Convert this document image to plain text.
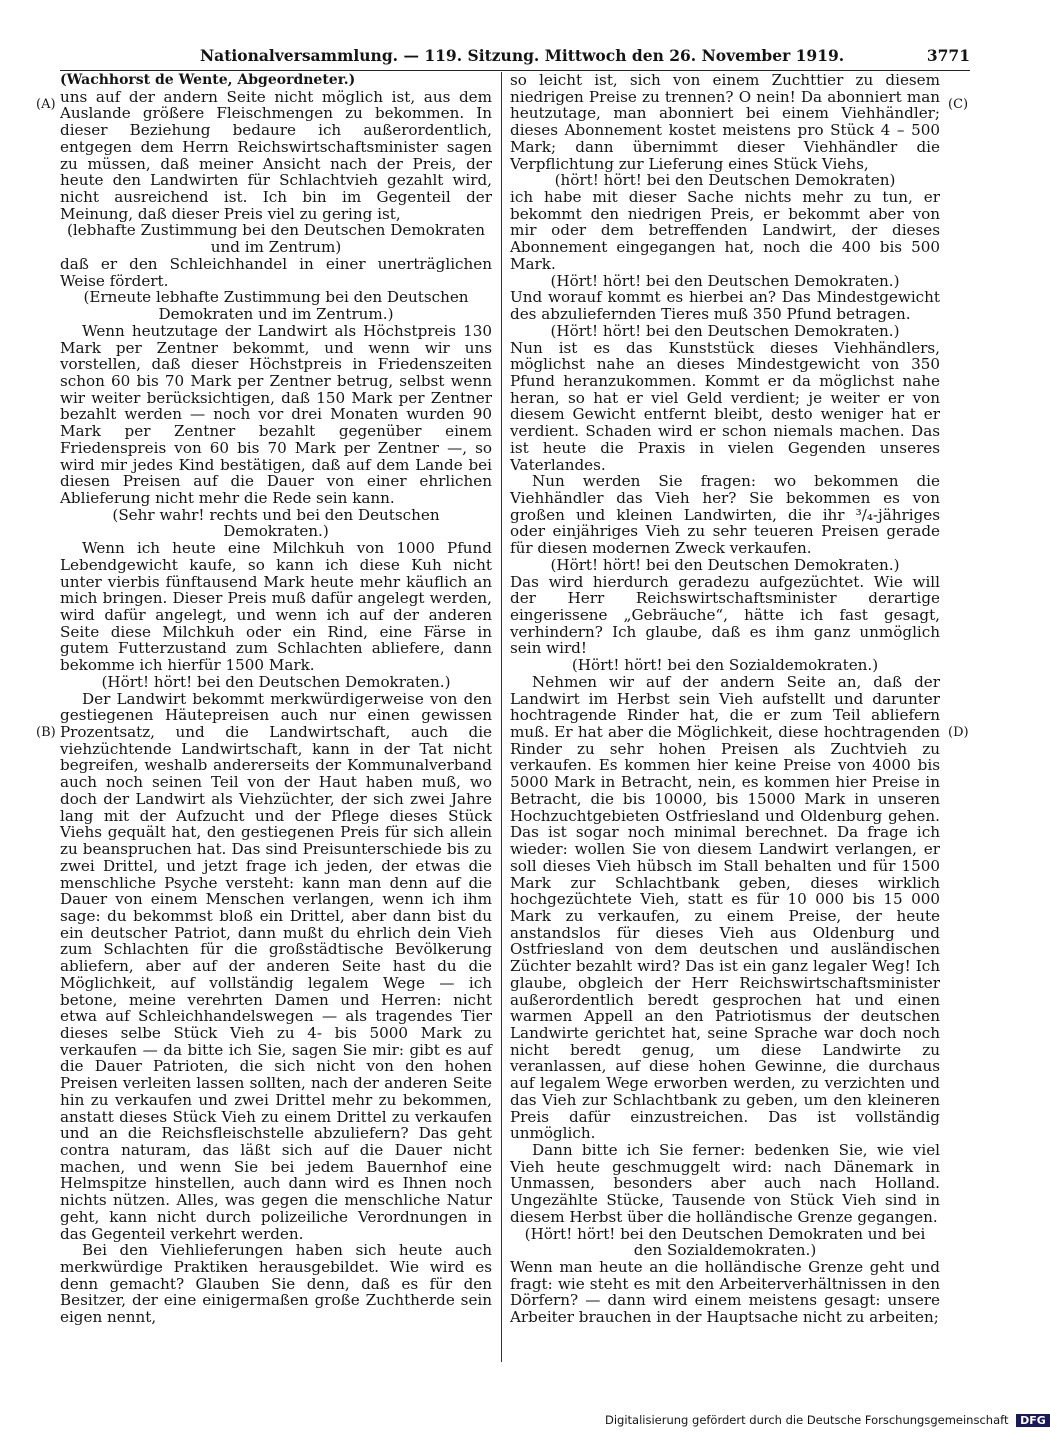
Nationalversammlung. — 119. Sitzung. Mittwoch den 26. November 1919.	3771
(A)
(B)
(C)
(D)

(Wachhorst de Wente, Abgeordneter.)

uns auf der andern Seite nicht möglich ist, aus dem Auslande größere Fleischmengen zu bekommen. In dieser Beziehung bedaure ich außerordentlich, entgegen dem Herrn Reichswirtschaftsminister sagen zu müssen, daß meiner Ansicht nach der Preis, der heute den Landwirten für Schlachtvieh gezahlt wird, nicht ausreichend ist. Ich bin im Gegenteil der Meinung, daß dieser Preis viel zu gering ist,

(lebhafte Zustimmung bei den Deutschen Demokraten und im Zentrum)

daß er den Schleichhandel in einer unerträglichen Weise fördert.

(Erneute lebhafte Zustimmung bei den Deutschen Demokraten und im Zentrum.)

Wenn heutzutage der Landwirt als Höchstpreis 130 Mark per Zentner bekommt, und wenn wir uns vorstellen, daß dieser Höchstpreis in Friedenszeiten schon 60 bis 70 Mark per Zentner betrug, selbst wenn wir weiter berücksichtigen, daß 150 Mark per Zentner bezahlt werden — noch vor drei Monaten wurden 90 Mark per Zentner bezahlt gegenüber einem Friedenspreis von 60 bis 70 Mark per Zentner —, so wird mir jedes Kind bestätigen, daß auf dem Lande bei diesen Preisen auf die Dauer von einer ehrlichen Ablieferung nicht mehr die Rede sein kann.

(Sehr wahr! rechts und bei den Deutschen Demokraten.)

Wenn ich heute eine Milchkuh von 1000 Pfund Lebendgewicht kaufe, so kann ich diese Kuh nicht unter vierbis fünftausend Mark heute mehr käuflich an mich bringen. Dieser Preis muß dafür angelegt werden, wird dafür angelegt, und wenn ich auf der anderen Seite diese Milchkuh oder ein Rind, eine Färse in gutem Futterzustand zum Schlachten abliefere, dann bekomme ich hierfür 1500 Mark.

(Hört! hört! bei den Deutschen Demokraten.)

Der Landwirt bekommt merkwürdigerweise von den gestiegenen Häutepreisen auch nur einen gewissen Prozentsatz, und die Landwirtschaft, auch die viehzüchtende Landwirtschaft, kann in der Tat nicht begreifen, weshalb andererseits der Kommunalverband auch noch seinen Teil von der Haut haben muß, wo doch der Landwirt als Viehzüchter, der sich zwei Jahre lang mit der Aufzucht und der Pflege dieses Stück Viehs gequält hat, den gestiegenen Preis für sich allein zu beanspruchen hat. Das sind Preisunterschiede bis zu zwei Drittel, und jetzt frage ich jeden, der etwas die menschliche Psyche versteht: kann man denn auf die Dauer von einem Menschen verlangen, wenn ich ihm sage: du bekommst bloß ein Drittel, aber dann bist du ein deutscher Patriot, dann mußt du ehrlich dein Vieh zum Schlachten für die großstädtische Bevölkerung abliefern, aber auf der anderen Seite hast du die Möglichkeit, auf vollständig legalem Wege — ich betone, meine verehrten Damen und Herren: nicht etwa auf Schleichhandelswegen — als tragendes Tier dieses selbe Stück Vieh zu 4- bis 5000 Mark zu verkaufen — da bitte ich Sie, sagen Sie mir: gibt es auf die Dauer Patrioten, die sich nicht von den hohen Preisen verleiten lassen sollten, nach der anderen Seite hin zu verkaufen und zwei Drittel mehr zu bekommen, anstatt dieses Stück Vieh zu einem Drittel zu verkaufen und an die Reichsfleischstelle abzuliefern? Das geht contra naturam, das läßt sich auf die Dauer nicht machen, und wenn Sie bei jedem Bauernhof eine Helmspitze hinstellen, auch dann wird es Ihnen noch nichts nützen. Alles, was gegen die menschliche Natur geht, kann nicht durch polizeiliche Verordnungen in das Gegenteil verkehrt werden.

Bei den Viehlieferungen haben sich heute auch merkwürdige Praktiken herausgebildet. Wie wird es denn gemacht? Glauben Sie denn, daß es für den Besitzer, der eine einigermaßen große Zuchtherde sein eigen nennt,

so leicht ist, sich von einem Zuchttier zu diesem niedrigen Preise zu trennen? O nein! Da abonniert man heutzutage, man abonniert bei einem Viehhändler; dieses Abonnement kostet meistens pro Stück 4 – 500 Mark; dann übernimmt dieser Viehhändler die Verpflichtung zur Lieferung eines Stück Viehs,

(hört! hört! bei den Deutschen Demokraten)

ich habe mit dieser Sache nichts mehr zu tun, er bekommt den niedrigen Preis, er bekommt aber von mir oder dem betreffenden Landwirt, der dieses Abonnement eingegangen hat, noch die 400 bis 500 Mark.

(Hört! hört! bei den Deutschen Demokraten.)

Und worauf kommt es hierbei an? Das Mindestgewicht des abzuliefernden Tieres muß 350 Pfund betragen.

(Hört! hört! bei den Deutschen Demokraten.)

Nun ist es das Kunststück dieses Viehhändlers, möglichst nahe an dieses Mindestgewicht von 350 Pfund heranzukommen. Kommt er da möglichst nahe heran, so hat er viel Geld verdient; je weiter er von diesem Gewicht entfernt bleibt, desto weniger hat er verdient. Schaden wird er schon niemals machen. Das ist heute die Praxis in vielen Gegenden unseres Vaterlandes.

Nun werden Sie fragen: wo bekommen die Viehhändler das Vieh her? Sie bekommen es von großen und kleinen Landwirten, die ihr ³/₄-jähriges oder einjähriges Vieh zu sehr teueren Preisen gerade für diesen modernen Zweck verkaufen.

(Hört! hört! bei den Deutschen Demokraten.)

Das wird hierdurch geradezu aufgezüchtet. Wie will der Herr Reichswirtschaftsminister derartige eingerissene „Gebräuche“, hätte ich fast gesagt, verhindern? Ich glaube, daß es ihm ganz unmöglich sein wird!

(Hört! hört! bei den Sozialdemokraten.)

Nehmen wir auf der andern Seite an, daß der Landwirt im Herbst sein Vieh aufstellt und darunter hochtragende Rinder hat, die er zum Teil abliefern muß. Er hat aber die Möglichkeit, diese hochtragenden Rinder zu sehr hohen Preisen als Zuchtvieh zu verkaufen. Es kommen hier keine Preise von 4000 bis 5000 Mark in Betracht, nein, es kommen hier Preise in Betracht, die bis 10000, bis 15000 Mark in unseren Hochzuchtgebieten Ostfriesland und Oldenburg gehen. Das ist sogar noch minimal berechnet. Da frage ich wieder: wollen Sie von diesem Landwirt verlangen, er soll dieses Vieh hübsch im Stall behalten und für 1500 Mark zur Schlachtbank geben, dieses wirklich hochgezüchtete Vieh, statt es für 10 000 bis 15 000 Mark zu verkaufen, zu einem Preise, der heute anstandslos für dieses Vieh aus Oldenburg und Ostfriesland von dem deutschen und ausländischen Züchter bezahlt wird? Das ist ein ganz legaler Weg! Ich glaube, obgleich der Herr Reichswirtschaftsminister außerordentlich beredt gesprochen hat und einen warmen Appell an den Patriotismus der deutschen Landwirte gerichtet hat, seine Sprache war doch noch nicht beredt genug, um diese Landwirte zu veranlassen, auf diese hohen Gewinne, die durchaus auf legalem Wege erworben werden, zu verzichten und das Vieh zur Schlachtbank zu geben, um den kleineren Preis dafür einzustreichen. Das ist vollständig unmöglich.

Dann bitte ich Sie ferner: bedenken Sie, wie viel Vieh heute geschmuggelt wird: nach Dänemark in Unmassen, besonders aber auch nach Holland. Ungezählte Stücke, Tausende von Stück Vieh sind in diesem Herbst über die holländische Grenze gegangen.

(Hört! hört! bei den Deutschen Demokraten und bei den Sozialdemokraten.)

Wenn man heute an die holländische Grenze geht und fragt: wie steht es mit den Arbeiterverhältnissen in den Dörfern? — dann wird einem meistens gesagt: unsere Arbeiter brauchen in der Hauptsache nicht zu arbeiten;

Digitalisierung gefördert durch die Deutsche Forschungsgemeinschaft DFG
